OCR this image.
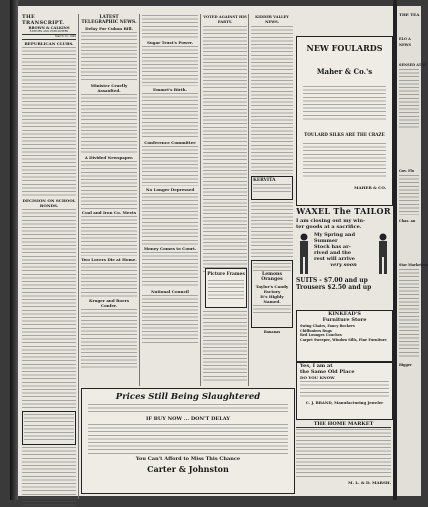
THE TRANSCRIPT.
BROWN & CALKINS
EDITORS AND PUBLISHERS
March 12, 1896
REPUBLICAN CLUBS.
DECISION ON SCHOOL BONDS.
LATEST TELEGRAPHIC NEWS.
Delay For Cuban Bill.
Minister Cruelly Assaulted.
A Divided Newspaper.
Coal and Iron Co. Meets
Two Lovers Die at Home.
Kruger and Boers Confer.
Sugar Trust's Power.
Emmet's Birth.
Conference Committee
No Longer Depressed
Money Comes to Court.
National Council
VOTED AGAINST HIS PARTY.
Picture Frames
KIDDER VALLEY NEWS.
KERVITA
Lemons
Oranges
Taylor's Candy Factory
It's Highly Named.
Bananas
NEW FOULARDS
Maher & Co.'s
TOULARD SILKS ARE THE CRAZE
MAHER & CO.
WAXEL The TAILOR
I am closing out my win-
ter goods at a sacrifice.
My Spring and Summer
Stock has ar-
rived and the
rest will arrive
very soon
SUITS - $7.00 and up
Trousers $2.50 and up
KINKEAD'S
Furniture Store
Swing Chairs, Fancy Rockers
Chiffoniers Rugs
Bed Lounges Couches
Carpet Sweeper, Window Sills, Fine Furniture
Yes, I am at
the Same Old Place
DO YOU KNOW
C. J. BRAND, Manufacturing Jeweler
THE HOME MARKET
M. L. & D. MARSH.
Prices Still Being Slaughtered
IF BUY NOW ... DON'T DELAY
You Can't Afford to Miss This Chance
Carter & Johnston
THE TEA
ELO A
NEWS
SENSED AT W
Gov. Flo
Chas. an
Star Marketers
Bigger
